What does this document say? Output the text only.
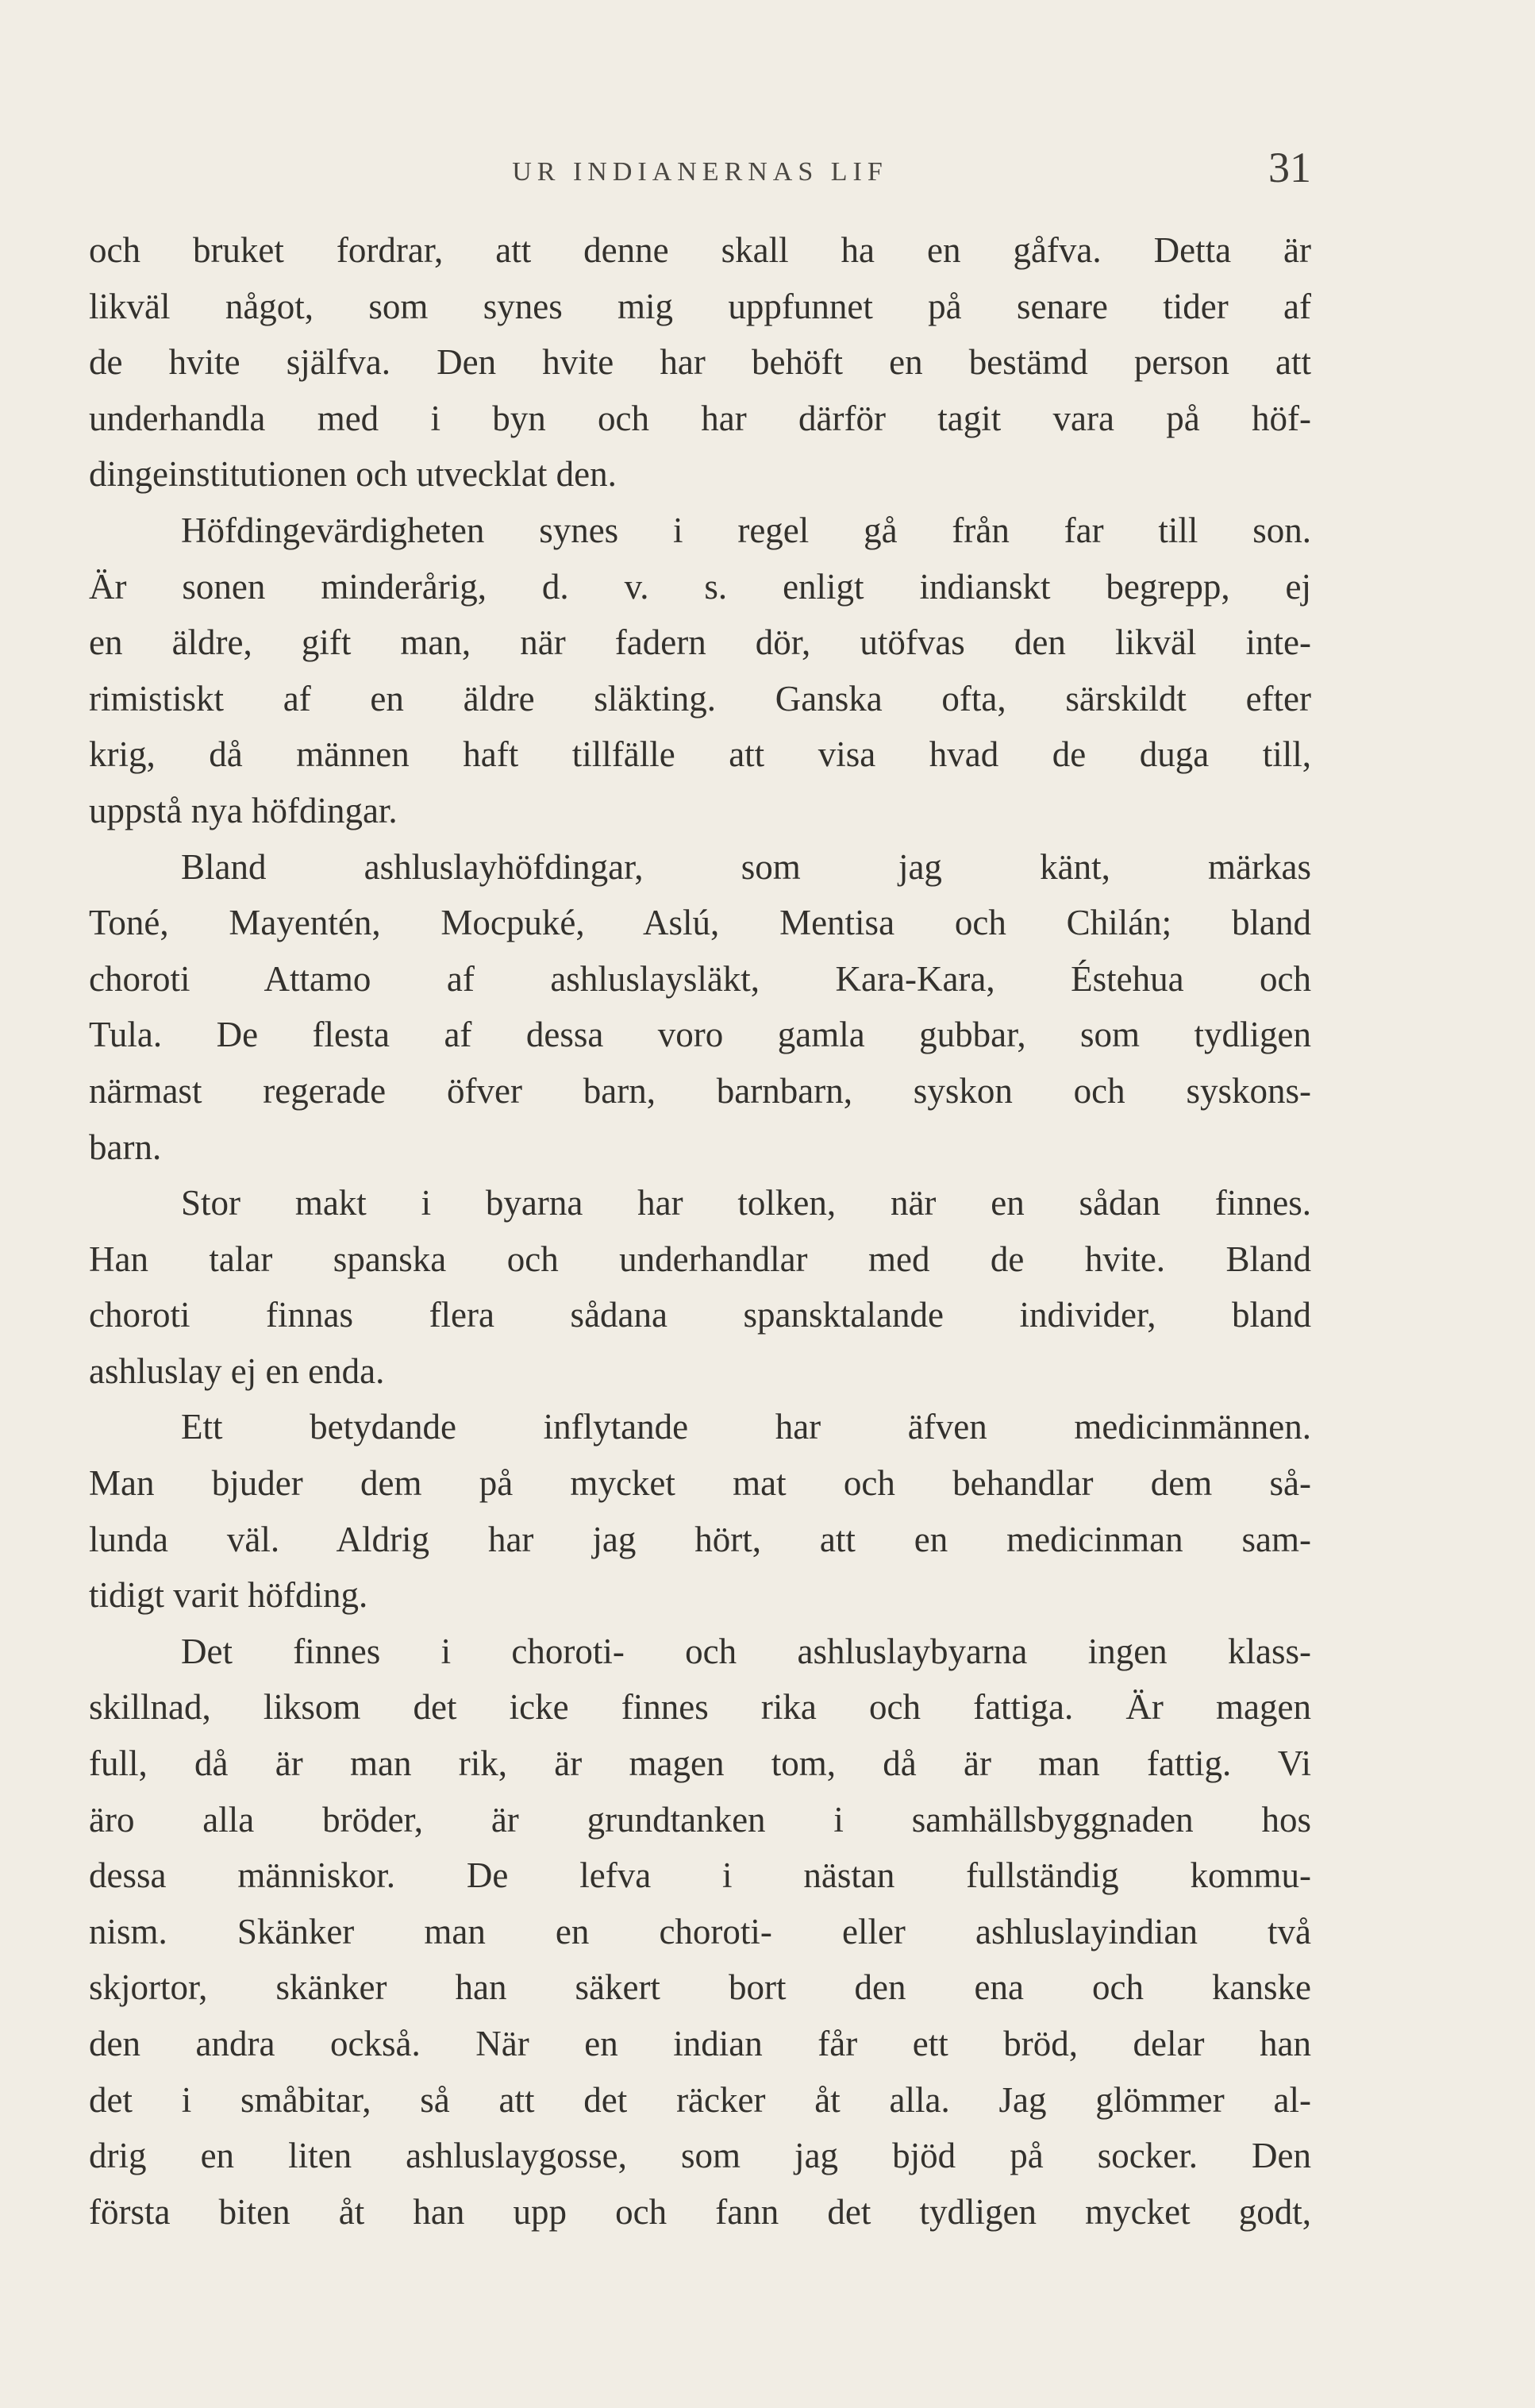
UR INDIANERNAS LIF	31
och bruket fordrar, att denne skall ha en gåfva. Detta är
likväl något, som synes mig uppfunnet på senare tider af
de hvite själfva. Den hvite har behöft en bestämd person att
underhandla med i byn och har därför tagit vara på höf-
dingeinstitutionen och utvecklat den.
Höfdingevärdigheten synes i regel gå från far till son.
Är sonen minderårig, d. v. s. enligt indianskt begrepp, ej
en äldre, gift man, när fadern dör, utöfvas den likväl inte-
rimistiskt af en äldre släkting. Ganska ofta, särskildt efter
krig, då männen haft tillfälle att visa hvad de duga till,
uppstå nya höfdingar.
Bland ashluslayhöfdingar, som jag känt, märkas
Toné, Mayentén, Mocpuké, Aslú, Mentisa och Chilán; bland
choroti Attamo af ashluslaysläkt, Kara-Kara, Éstehua och
Tula. De flesta af dessa voro gamla gubbar, som tydligen
närmast regerade öfver barn, barnbarn, syskon och syskons-
barn.
Stor makt i byarna har tolken, när en sådan finnes.
Han talar spanska och underhandlar med de hvite. Bland
choroti finnas flera sådana spansktalande individer, bland
ashluslay ej en enda.
Ett betydande inflytande har äfven medicinmännen.
Man bjuder dem på mycket mat och behandlar dem så-
lunda väl. Aldrig har jag hört, att en medicinman sam-
tidigt varit höfding.
Det finnes i choroti- och ashluslaybyarna ingen klass-
skillnad, liksom det icke finnes rika och fattiga. Är magen
full, då är man rik, är magen tom, då är man fattig. Vi
äro alla bröder, är grundtanken i samhällsbyggnaden hos
dessa människor. De lefva i nästan fullständig kommu-
nism. Skänker man en choroti- eller ashluslayindian två
skjortor, skänker han säkert bort den ena och kanske
den andra också. När en indian får ett bröd, delar han
det i småbitar, så att det räcker åt alla. Jag glömmer al-
drig en liten ashluslaygosse, som jag bjöd på socker. Den
första biten åt han upp och fann det tydligen mycket godt,
